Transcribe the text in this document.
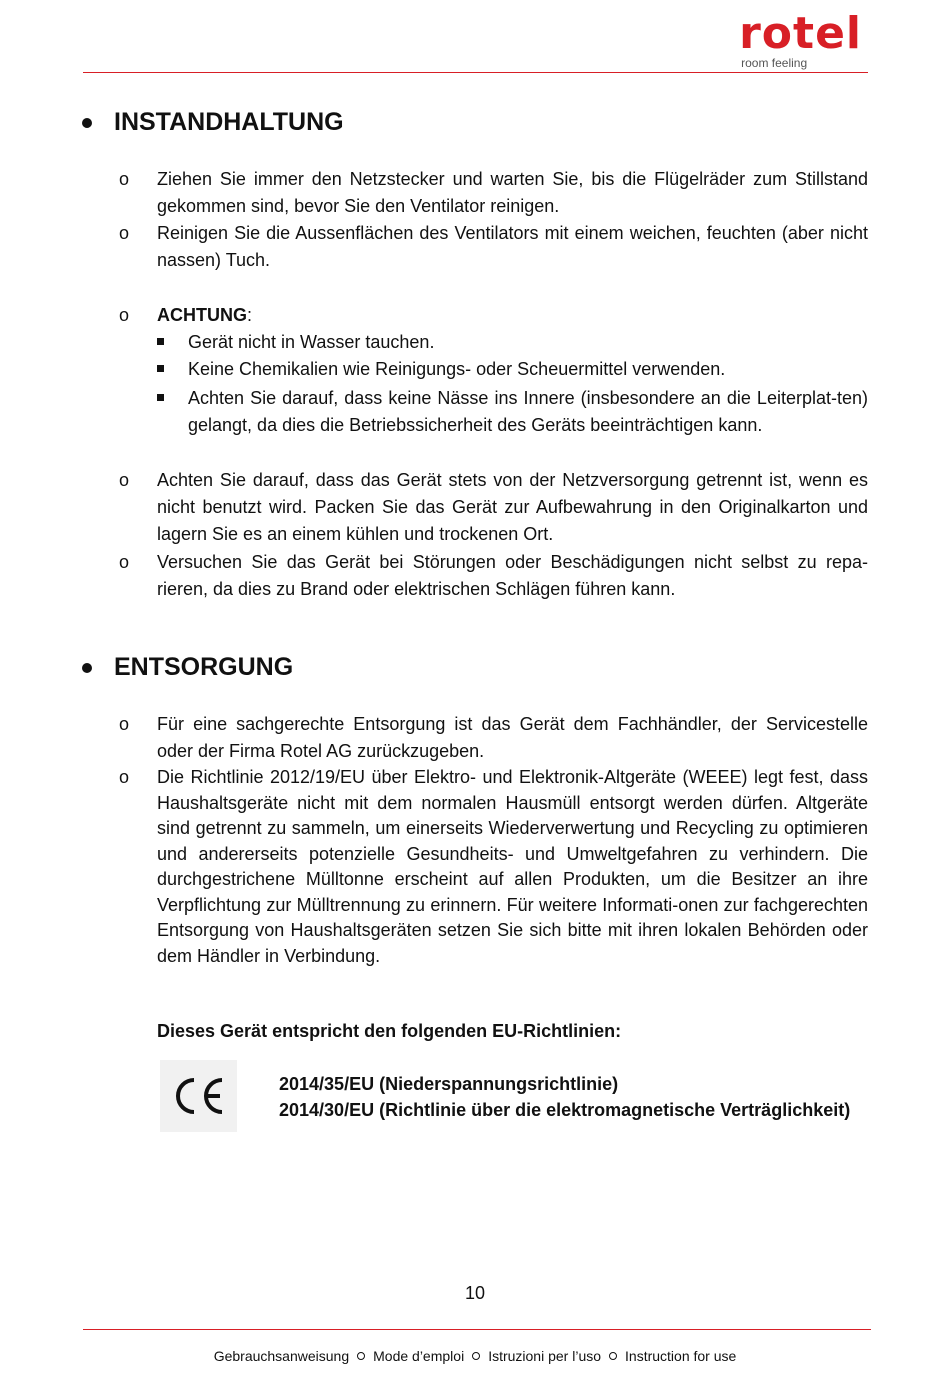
rotel
room feeling
INSTANDHALTUNG
o Ziehen Sie immer den Netzstecker und warten Sie, bis die Flügelräder zum Stillstand gekommen sind, bevor Sie den Ventilator reinigen.
o Reinigen Sie die Aussenflächen des Ventilators mit einem weichen, feuchten (aber nicht nassen) Tuch.
o ACHTUNG:
Gerät nicht in Wasser tauchen.
Keine Chemikalien wie Reinigungs- oder Scheuermittel verwenden.
Achten Sie darauf, dass keine Nässe ins Innere (insbesondere an die Leiterplat-ten) gelangt, da dies die Betriebssicherheit des Geräts beeinträchtigen kann.
o Achten Sie darauf, dass das Gerät stets von der Netzversorgung getrennt ist, wenn es nicht benutzt wird. Packen Sie das Gerät zur Aufbewahrung in den Originalkarton und lagern Sie es an einem kühlen und trockenen Ort.
o Versuchen Sie das Gerät bei Störungen oder Beschädigungen nicht selbst zu repa-rieren, da dies zu Brand oder elektrischen Schlägen führen kann.
ENTSORGUNG
o Für eine sachgerechte Entsorgung ist das Gerät dem Fachhändler, der Servicestelle oder der Firma Rotel AG zurückzugeben.
o Die Richtlinie 2012/19/EU über Elektro- und Elektronik-Altgeräte (WEEE) legt fest, dass Haushaltsgeräte nicht mit dem normalen Hausmüll entsorgt werden dürfen. Altgeräte sind getrennt zu sammeln, um einerseits Wiederverwertung und Recycling zu optimieren und andererseits potenzielle Gesundheits- und Umweltgefahren zu verhindern. Die durchgestrichene Mülltonne erscheint auf allen Produkten, um die Besitzer an ihre Verpflichtung zur Mülltrennung zu erinnern. Für weitere Informati-onen zur fachgerechten Entsorgung von Haushaltsgeräten setzen Sie sich bitte mit ihren lokalen Behörden oder dem Händler in Verbindung.
Dieses Gerät entspricht den folgenden EU-Richtlinien:
2014/35/EU (Niederspannungsrichtlinie)
2014/30/EU (Richtlinie über die elektromagnetische Verträglichkeit)
10
Gebrauchsanweisung Mode d’emploi Istruzioni per l’uso Instruction for use
